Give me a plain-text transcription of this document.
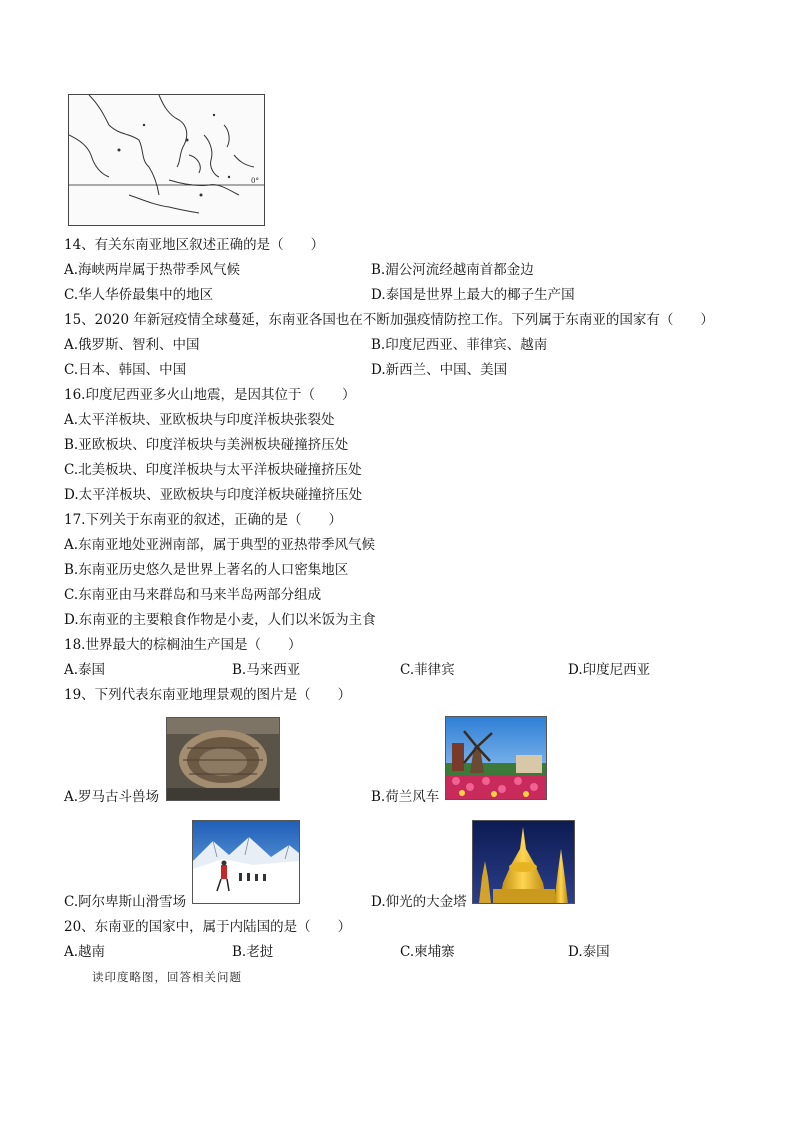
0°
14、有关东南亚地区叙述正确的是（　　）
A.海峡两岸属于热带季风气候	B.湄公河流经越南首都金边
C.华人华侨最集中的地区	D.泰国是世界上最大的椰子生产国
15、2020 年新冠疫情全球蔓延，东南亚各国也在不断加强疫情防控工作。下列属于东南亚的国家有（　　）
A.俄罗斯、智利、中国	B.印度尼西亚、菲律宾、越南
C.日本、韩国、中国	D.新西兰、中国、美国
16.印度尼西亚多火山地震，是因其位于（　　）
A.太平洋板块、亚欧板块与印度洋板块张裂处
B.亚欧板块、印度洋板块与美洲板块碰撞挤压处
C.北美板块、印度洋板块与太平洋板块碰撞挤压处
D.太平洋板块、亚欧板块与印度洋板块碰撞挤压处
17.下列关于东南亚的叙述，正确的是（　　）
A.东南亚地处亚洲南部，属于典型的亚热带季风气候
B.东南亚历史悠久是世界上著名的人口密集地区
C.东南亚由马来群岛和马来半岛两部分组成
D.东南亚的主要粮食作物是小麦，人们以米饭为主食
18.世界最大的棕榈油生产国是（　　）
A.泰国	B.马来西亚	C.菲律宾	D.印度尼西亚
19、下列代表东南亚地理景观的图片是（　　）
A.罗马古斗兽场	B.荷兰风车
C.阿尔卑斯山滑雪场	D.仰光的大金塔
20、东南亚的国家中，属于内陆国的是（　　）
A.越南	B.老挝	C.柬埔寨	D.泰国
读印度略图，回答相关问题
